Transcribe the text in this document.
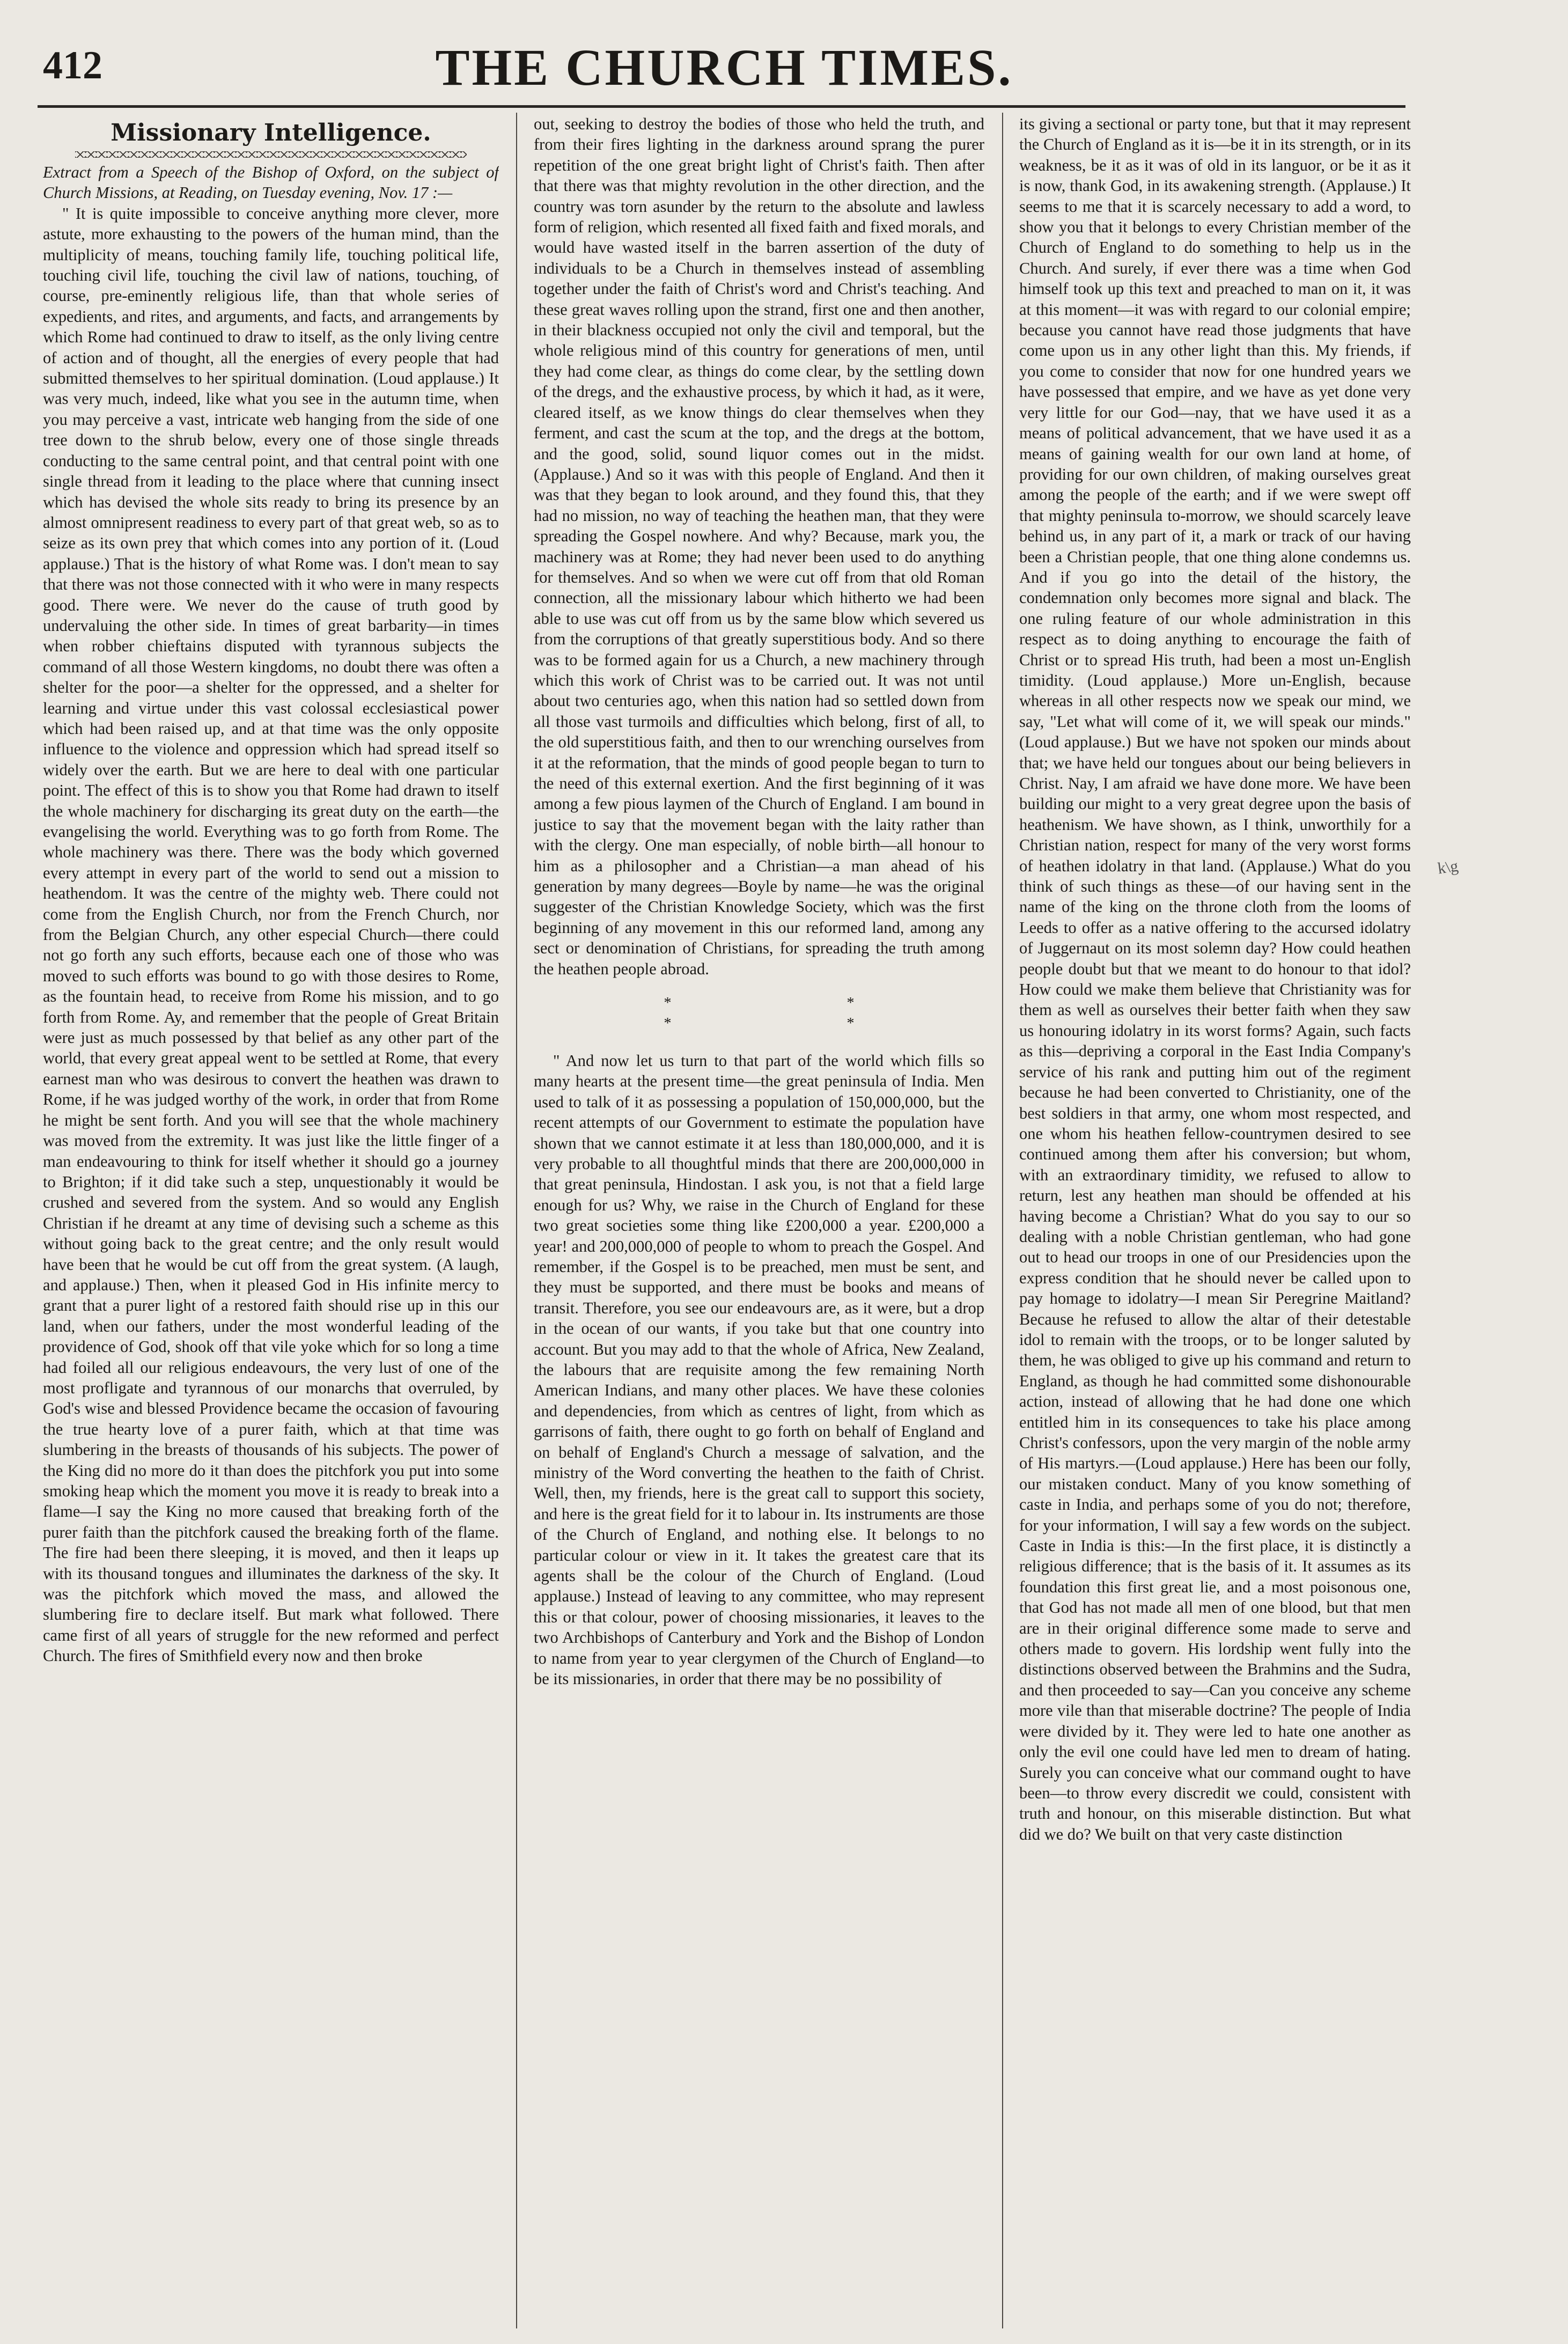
412	THE CHURCH TIMES.
Missionary Intelligence.

Extract from a Speech of the Bishop of Oxford, on the subject of Church Missions, at Reading, on Tuesday evening, Nov. 17 :—

" It is quite impossible to conceive anything more clever, more astute, more exhausting to the powers of the human mind, than the multiplicity of means, touching family life, touching political life, touching civil life, touching the civil law of nations, touching, of course, pre-eminently religious life, than that whole series of expedients, and rites, and arguments, and facts, and arrangements by which Rome had continued to draw to itself, as the only living centre of action and of thought, all the energies of every people that had submitted themselves to her spiritual domination. (Loud applause.) It was very much, indeed, like what you see in the autumn time, when you may perceive a vast, intricate web hanging from the side of one tree down to the shrub below, every one of those single threads conducting to the same central point, and that central point with one single thread from it leading to the place where that cunning insect which has devised the whole sits ready to bring its presence by an almost omnipresent readiness to every part of that great web, so as to seize as its own prey that which comes into any portion of it. (Loud applause.) That is the history of what Rome was. I don't mean to say that there was not those connected with it who were in many respects good. There were. We never do the cause of truth good by undervaluing the other side. In times of great barbarity—in times when robber chieftains disputed with tyrannous subjects the command of all those Western kingdoms, no doubt there was often a shelter for the poor—a shelter for the oppressed, and a shelter for learning and virtue under this vast colossal ecclesiastical power which had been raised up, and at that time was the only opposite influence to the violence and oppression which had spread itself so widely over the earth. But we are here to deal with one particular point. The effect of this is to show you that Rome had drawn to itself the whole machinery for discharging its great duty on the earth—the evangelising the world. Everything was to go forth from Rome. The whole machinery was there. There was the body which governed every attempt in every part of the world to send out a mission to heathendom. It was the centre of the mighty web. There could not come from the English Church, nor from the French Church, nor from the Belgian Church, any other especial Church—there could not go forth any such efforts, because each one of those who was moved to such efforts was bound to go with those desires to Rome, as the fountain head, to receive from Rome his mission, and to go forth from Rome. Ay, and remember that the people of Great Britain were just as much possessed by that belief as any other part of the world, that every great appeal went to be settled at Rome, that every earnest man who was desirous to convert the heathen was drawn to Rome, if he was judged worthy of the work, in order that from Rome he might be sent forth. And you will see that the whole machinery was moved from the extremity. It was just like the little finger of a man endeavouring to think for itself whether it should go a journey to Brighton; if it did take such a step, unquestionably it would be crushed and severed from the system. And so would any English Christian if he dreamt at any time of devising such a scheme as this without going back to the great centre; and the only result would have been that he would be cut off from the great system. (A laugh, and applause.) Then, when it pleased God in His infinite mercy to grant that a purer light of a restored faith should rise up in this our land, when our fathers, under the most wonderful leading of the providence of God, shook off that vile yoke which for so long a time had foiled all our religious endeavours, the very lust of one of the most profligate and tyrannous of our monarchs that overruled, by God's wise and blessed Providence became the occasion of favouring the true hearty love of a purer faith, which at that time was slumbering in the breasts of thousands of his subjects. The power of the King did no more do it than does the pitchfork you put into some smoking heap which the moment you move it is ready to break into a flame—I say the King no more caused that breaking forth of the purer faith than the pitchfork caused the breaking forth of the flame. The fire had been there sleeping, it is moved, and then it leaps up with its thousand tongues and illuminates the darkness of the sky. It was the pitchfork which moved the mass, and allowed the slumbering fire to declare itself. But mark what followed. There came first of all years of struggle for the new reformed and perfect Church. The fires of Smithfield every now and then broke

out, seeking to destroy the bodies of those who held the truth, and from their fires lighting in the darkness around sprang the purer repetition of the one great bright light of Christ's faith. Then after that there was that mighty revolution in the other direction, and the country was torn asunder by the return to the absolute and lawless form of religion, which resented all fixed faith and fixed morals, and would have wasted itself in the barren assertion of the duty of individuals to be a Church in themselves instead of assembling together under the faith of Christ's word and Christ's teaching. And these great waves rolling upon the strand, first one and then another, in their blackness occupied not only the civil and temporal, but the whole religious mind of this country for generations of men, until they had come clear, as things do come clear, by the settling down of the dregs, and the exhaustive process, by which it had, as it were, cleared itself, as we know things do clear themselves when they ferment, and cast the scum at the top, and the dregs at the bottom, and the good, solid, sound liquor comes out in the midst. (Applause.) And so it was with this people of England. And then it was that they began to look around, and they found this, that they had no mission, no way of teaching the heathen man, that they were spreading the Gospel nowhere. And why? Because, mark you, the machinery was at Rome; they had never been used to do anything for themselves. And so when we were cut off from that old Roman connection, all the missionary labour which hitherto we had been able to use was cut off from us by the same blow which severed us from the corruptions of that greatly superstitious body. And so there was to be formed again for us a Church, a new machinery through which this work of Christ was to be carried out. It was not until about two centuries ago, when this nation had so settled down from all those vast turmoils and difficulties which belong, first of all, to the old superstitious faith, and then to our wrenching ourselves from it at the reformation, that the minds of good people began to turn to the need of this external exertion. And the first beginning of it was among a few pious laymen of the Church of England. I am bound in justice to say that the movement began with the laity rather than with the clergy. One man especially, of noble birth—all honour to him as a philosopher and a Christian—a man ahead of his generation by many degrees—Boyle by name—he was the original suggester of the Christian Knowledge Society, which was the first beginning of any movement in this our reformed land, among any sect or denomination of Christians, for spreading the truth among the heathen people abroad.

* * * *

" And now let us turn to that part of the world which fills so many hearts at the present time—the great peninsula of India. Men used to talk of it as possessing a population of 150,000,000, but the recent attempts of our Government to estimate the population have shown that we cannot estimate it at less than 180,000,000, and it is very probable to all thoughtful minds that there are 200,000,000 in that great peninsula, Hindostan. I ask you, is not that a field large enough for us? Why, we raise in the Church of England for these two great societies some thing like £200,000 a year. £200,000 a year! and 200,000,000 of people to whom to preach the Gospel. And remember, if the Gospel is to be preached, men must be sent, and they must be supported, and there must be books and means of transit. Therefore, you see our endeavours are, as it were, but a drop in the ocean of our wants, if you take but that one country into account. But you may add to that the whole of Africa, New Zealand, the labours that are requisite among the few remaining North American Indians, and many other places. We have these colonies and dependencies, from which as centres of light, from which as garrisons of faith, there ought to go forth on behalf of England and on behalf of England's Church a message of salvation, and the ministry of the Word converting the heathen to the faith of Christ. Well, then, my friends, here is the great call to support this society, and here is the great field for it to labour in. Its instruments are those of the Church of England, and nothing else. It belongs to no particular colour or view in it. It takes the greatest care that its agents shall be the colour of the Church of England. (Loud applause.) Instead of leaving to any committee, who may represent this or that colour, power of choosing missionaries, it leaves to the two Archbishops of Canterbury and York and the Bishop of London to name from year to year clergymen of the Church of England—to be its missionaries, in order that there may be no possibility of

its giving a sectional or party tone, but that it may represent the Church of England as it is—be it in its strength, or in its weakness, be it as it was of old in its languor, or be it as it is now, thank God, in its awakening strength. (Applause.) It seems to me that it is scarcely necessary to add a word, to show you that it belongs to every Christian member of the Church of England to do something to help us in the Church. And surely, if ever there was a time when God himself took up this text and preached to man on it, it was at this moment—it was with regard to our colonial empire; because you cannot have read those judgments that have come upon us in any other light than this. My friends, if you come to consider that now for one hundred years we have possessed that empire, and we have as yet done very very little for our God—nay, that we have used it as a means of political advancement, that we have used it as a means of gaining wealth for our own land at home, of providing for our own children, of making ourselves great among the people of the earth; and if we were swept off that mighty peninsula to-morrow, we should scarcely leave behind us, in any part of it, a mark or track of our having been a Christian people, that one thing alone condemns us. And if you go into the detail of the history, the condemnation only becomes more signal and black. The one ruling feature of our whole administration in this respect as to doing anything to encourage the faith of Christ or to spread His truth, had been a most un-English timidity. (Loud applause.) More un-English, because whereas in all other respects now we speak our mind, we say, "Let what will come of it, we will speak our minds." (Loud applause.) But we have not spoken our minds about that; we have held our tongues about our being believers in Christ. Nay, I am afraid we have done more. We have been building our might to a very great degree upon the basis of heathenism. We have shown, as I think, unworthily for a Christian nation, respect for many of the very worst forms of heathen idolatry in that land. (Applause.) What do you think of such things as these—of our having sent in the name of the king on the throne cloth from the looms of Leeds to offer as a native offering to the accursed idolatry of Juggernaut on its most solemn day? How could heathen people doubt but that we meant to do honour to that idol? How could we make them believe that Christianity was for them as well as ourselves their better faith when they saw us honouring idolatry in its worst forms? Again, such facts as this—depriving a corporal in the East India Company's service of his rank and putting him out of the regiment because he had been converted to Christianity, one of the best soldiers in that army, one whom most respected, and one whom his heathen fellow-countrymen desired to see continued among them after his conversion; but whom, with an extraordinary timidity, we refused to allow to return, lest any heathen man should be offended at his having become a Christian? What do you say to our so dealing with a noble Christian gentleman, who had gone out to head our troops in one of our Presidencies upon the express condition that he should never be called upon to pay homage to idolatry—I mean Sir Peregrine Maitland? Because he refused to allow the altar of their detestable idol to remain with the troops, or to be longer saluted by them, he was obliged to give up his command and return to England, as though he had committed some dishonourable action, instead of allowing that he had done one which entitled him in its consequences to take his place among Christ's confessors, upon the very margin of the noble army of His martyrs.—(Loud applause.) Here has been our folly, our mistaken conduct. Many of you know something of caste in India, and perhaps some of you do not; therefore, for your information, I will say a few words on the subject. Caste in India is this:—In the first place, it is distinctly a religious difference; that is the basis of it. It assumes as its foundation this first great lie, and a most poisonous one, that God has not made all men of one blood, but that men are in their original difference some made to serve and others made to govern. His lordship went fully into the distinctions observed between the Brahmins and the Sudra, and then proceeded to say—Can you conceive any scheme more vile than that miserable doctrine? The people of India were divided by it. They were led to hate one another as only the evil one could have led men to dream of hating. Surely you can conceive what our command ought to have been—to throw every discredit we could, consistent with truth and honour, on this miserable distinction. But what did we do? We built on that very caste distinction

k\g
